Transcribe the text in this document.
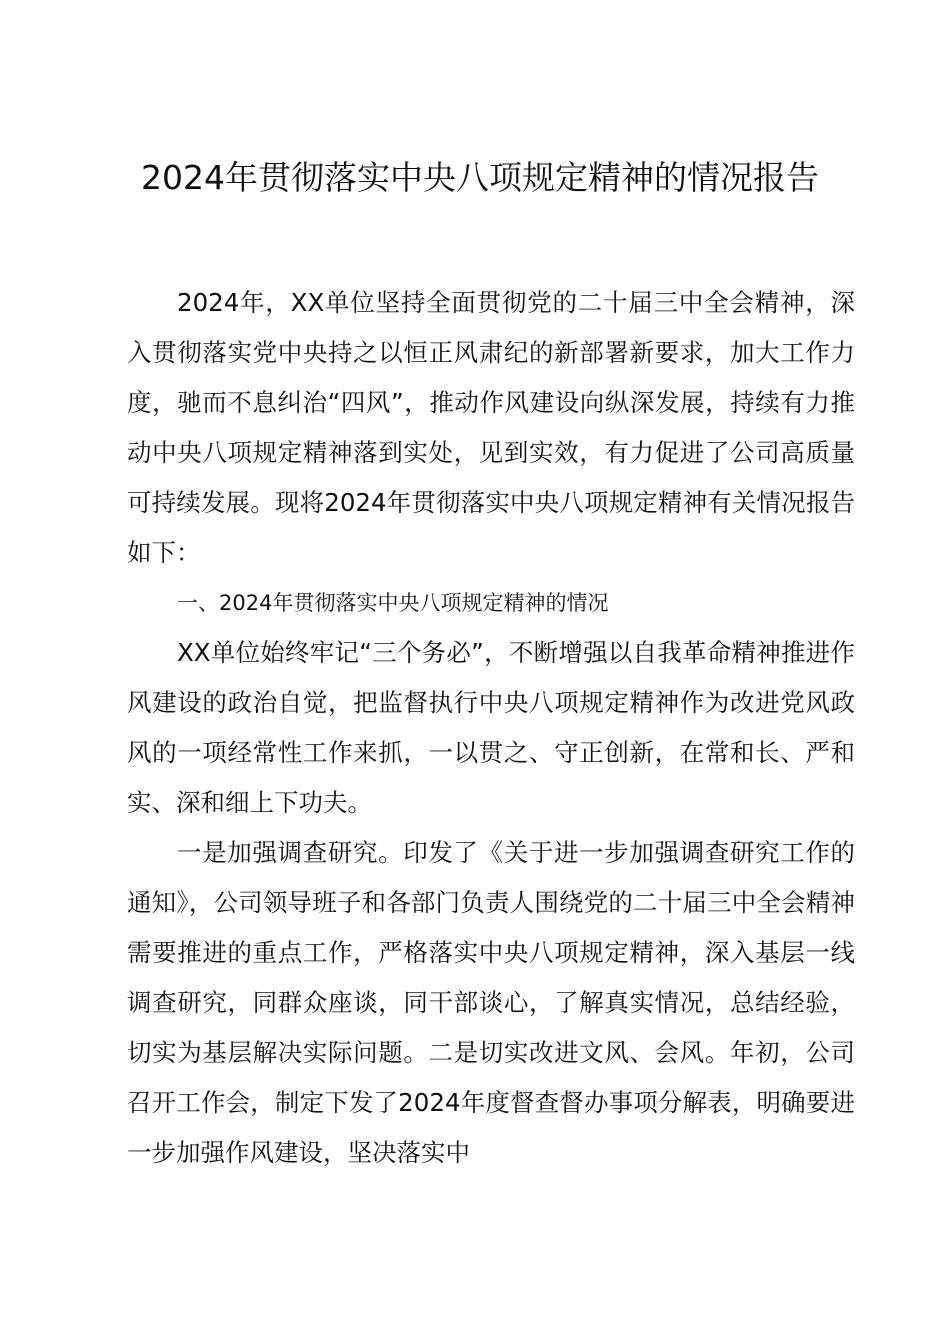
2024年贯彻落实中央八项规定精神的情况报告

2024年，XX单位坚持全面贯彻党的二十届三中全会精神，深入贯彻落实党中央持之以恒正风肃纪的新部署新要求，加大工作力度，驰而不息纠治“四风”，推动作风建设向纵深发展，持续有力推动中央八项规定精神落到实处，见到实效，有力促进了公司高质量可持续发展。现将2024年贯彻落实中央八项规定精神有关情况报告如下：

一、2024年贯彻落实中央八项规定精神的情况

XX单位始终牢记“三个务必”，不断增强以自我革命精神推进作风建设的政治自觉，把监督执行中央八项规定精神作为改进党风政风的一项经常性工作来抓，一以贯之、守正创新，在常和长、严和实、深和细上下功夫。

一是加强调查研究。印发了《关于进一步加强调查研究工作的通知》，公司领导班子和各部门负责人围绕党的二十届三中全会精神需要推进的重点工作，严格落实中央八项规定精神，深入基层一线调查研究，同群众座谈，同干部谈心，了解真实情况，总结经验，切实为基层解决实际问题。二是切实改进文风、会风。年初，公司召开工作会，制定下发了2024年度督查督办事项分解表，明确要进一步加强作风建设，坚决落实中
